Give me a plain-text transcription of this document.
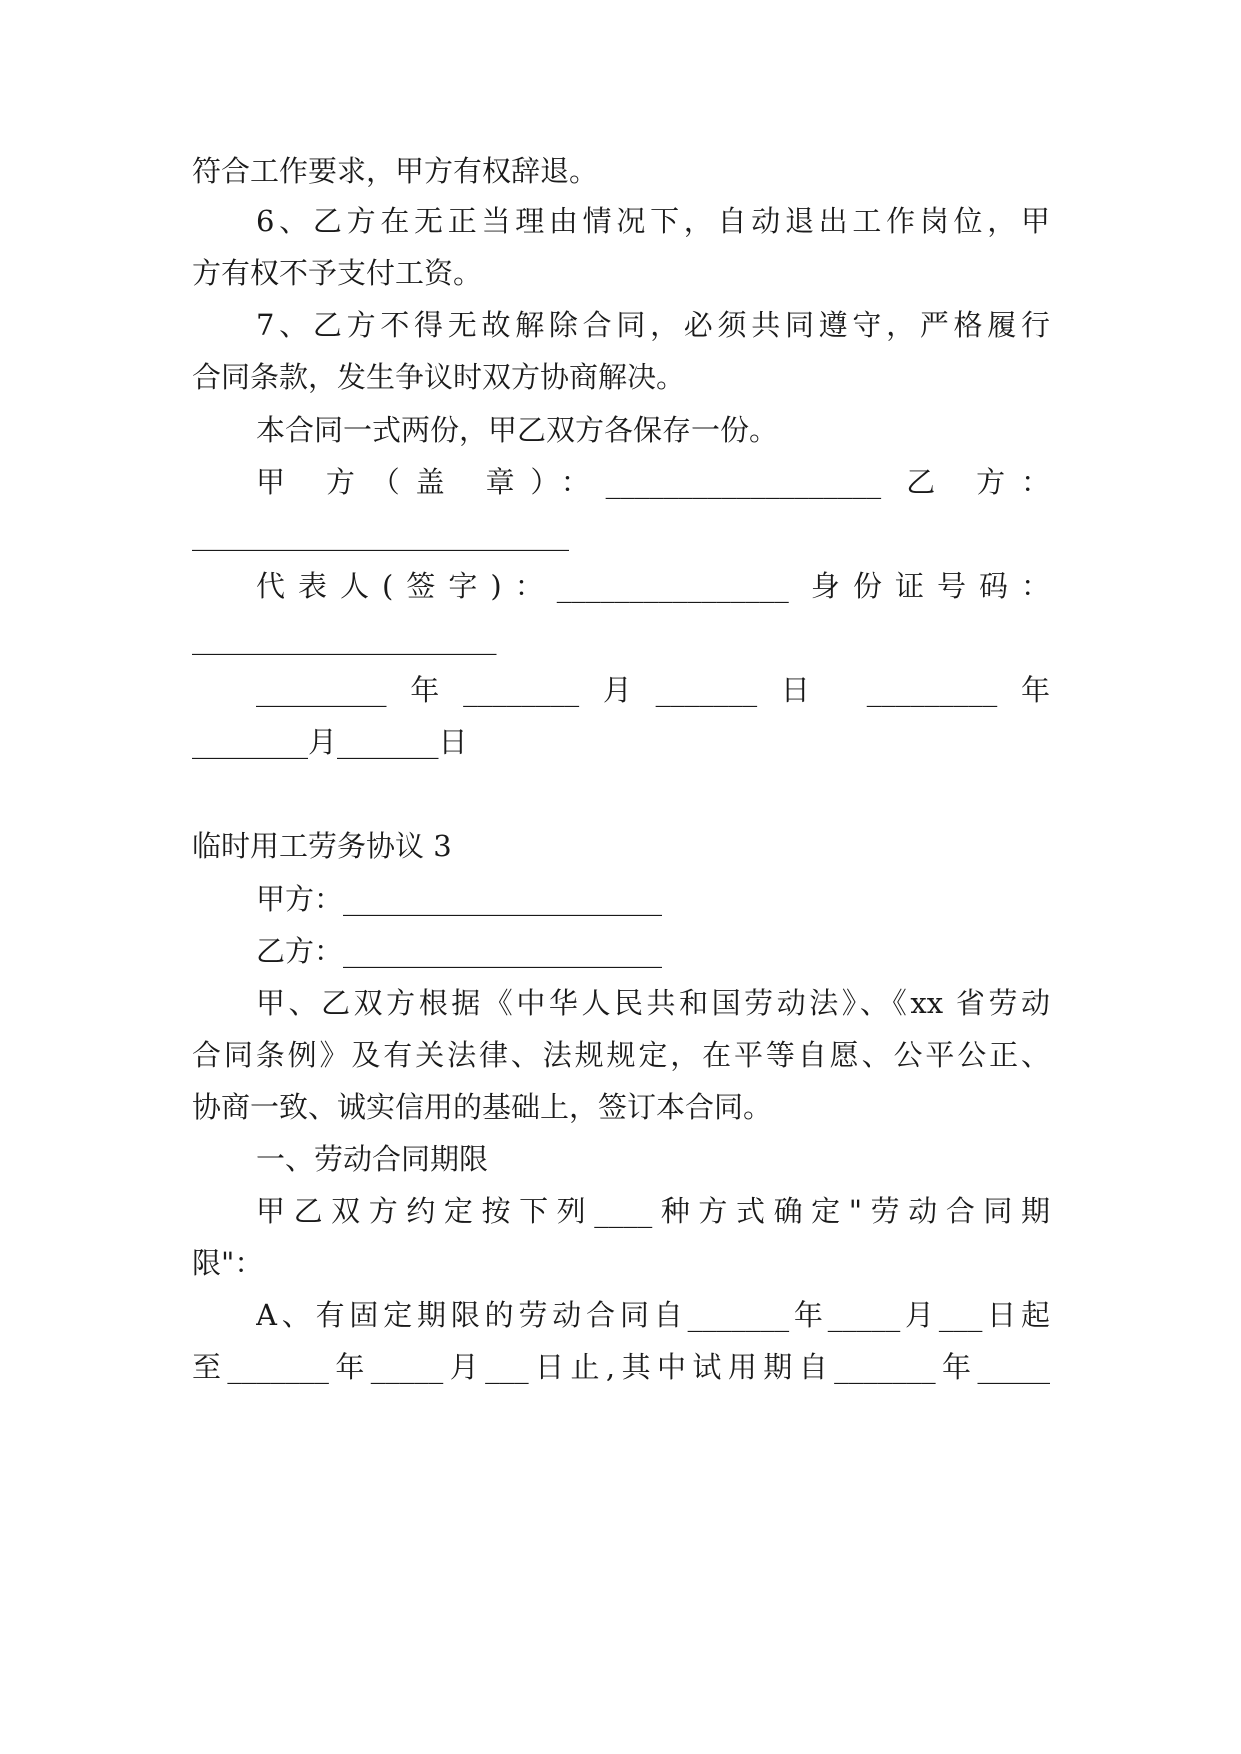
符合工作要求，甲方有权辞退。

6、乙方在无正当理由情况下，自动退出工作岗位，甲

方有权不予支付工资。

7、乙方不得无故解除合同，必须共同遵守，严格履行

合同条款，发生争议时双方协商解决。

本合同一式两份，甲乙双方各保存一份。

甲 方（盖 章）：___________________ 乙 方：

__________________________

代表人(签字)：________________ 身份证号码：

_____________________

_________年________月_______日 _________年

________月_______日

临时用工劳务协议 3

甲方：______________________

乙方：______________________

甲、乙双方根据《中华人民共和国劳动法》、《xx 省劳动

合同条例》及有关法律、法规规定，在平等自愿、公平公正、

协商一致、诚实信用的基础上，签订本合同。

一、劳动合同期限

甲乙双方约定按下列____种方式确定"劳动合同期

限"：

A、有固定期限的劳动合同自_______年_____月___日起

至_______年_____月___日止,其中试用期自_______年_____
